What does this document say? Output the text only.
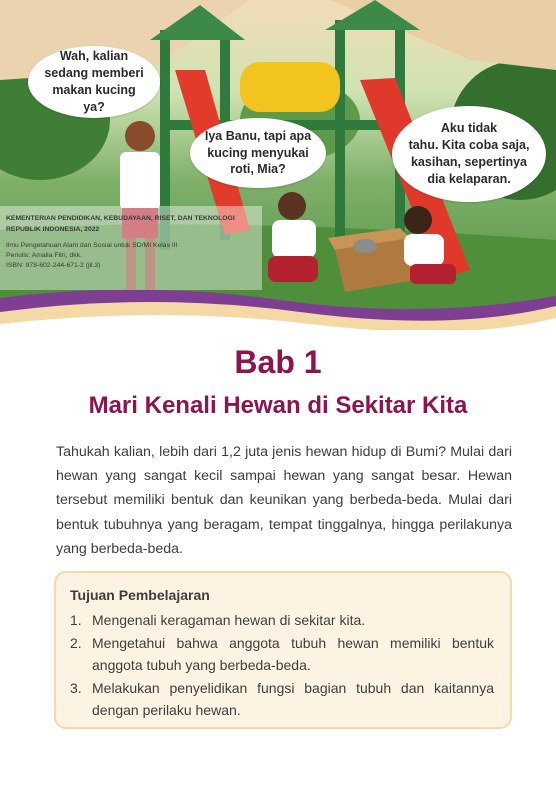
Wah, kalian
sedang memberi
makan kucing ya?
Iya Banu, tapi apa
kucing menyukai
roti, Mia?
Aku tidak
tahu. Kita coba saja,
kasihan, sepertinya
dia kelaparan.
KEMENTERIAN PENDIDIKAN, KEBUDAYAAN, RISET, DAN TEKNOLOGI REPUBLIK INDONESIA, 2022
Ilmu Pengetahuan Alam dan Sosial untuk SD/MI Kelas III
Penulis: Amalia Fitri, dkk.
ISBN: 978-602-244-671-2 (jil.3)
Bab 1
Mari Kenali Hewan di Sekitar Kita

Tahukah kalian, lebih dari 1,2 juta jenis hewan hidup di Bumi? Mulai dari hewan yang sangat kecil sampai hewan yang sangat besar. Hewan tersebut memiliki bentuk dan keunikan yang berbeda-beda. Mulai dari bentuk tubuhnya yang beragam, tempat tinggalnya, hingga perilakunya yang berbeda-beda.

Tujuan Pembelajaran
1. Mengenali keragaman hewan di sekitar kita.
2. Mengetahui bahwa anggota tubuh hewan memiliki bentuk anggota tubuh yang berbeda-beda.
3. Melakukan penyelidikan fungsi bagian tubuh dan kaitannya dengan perilaku hewan.
